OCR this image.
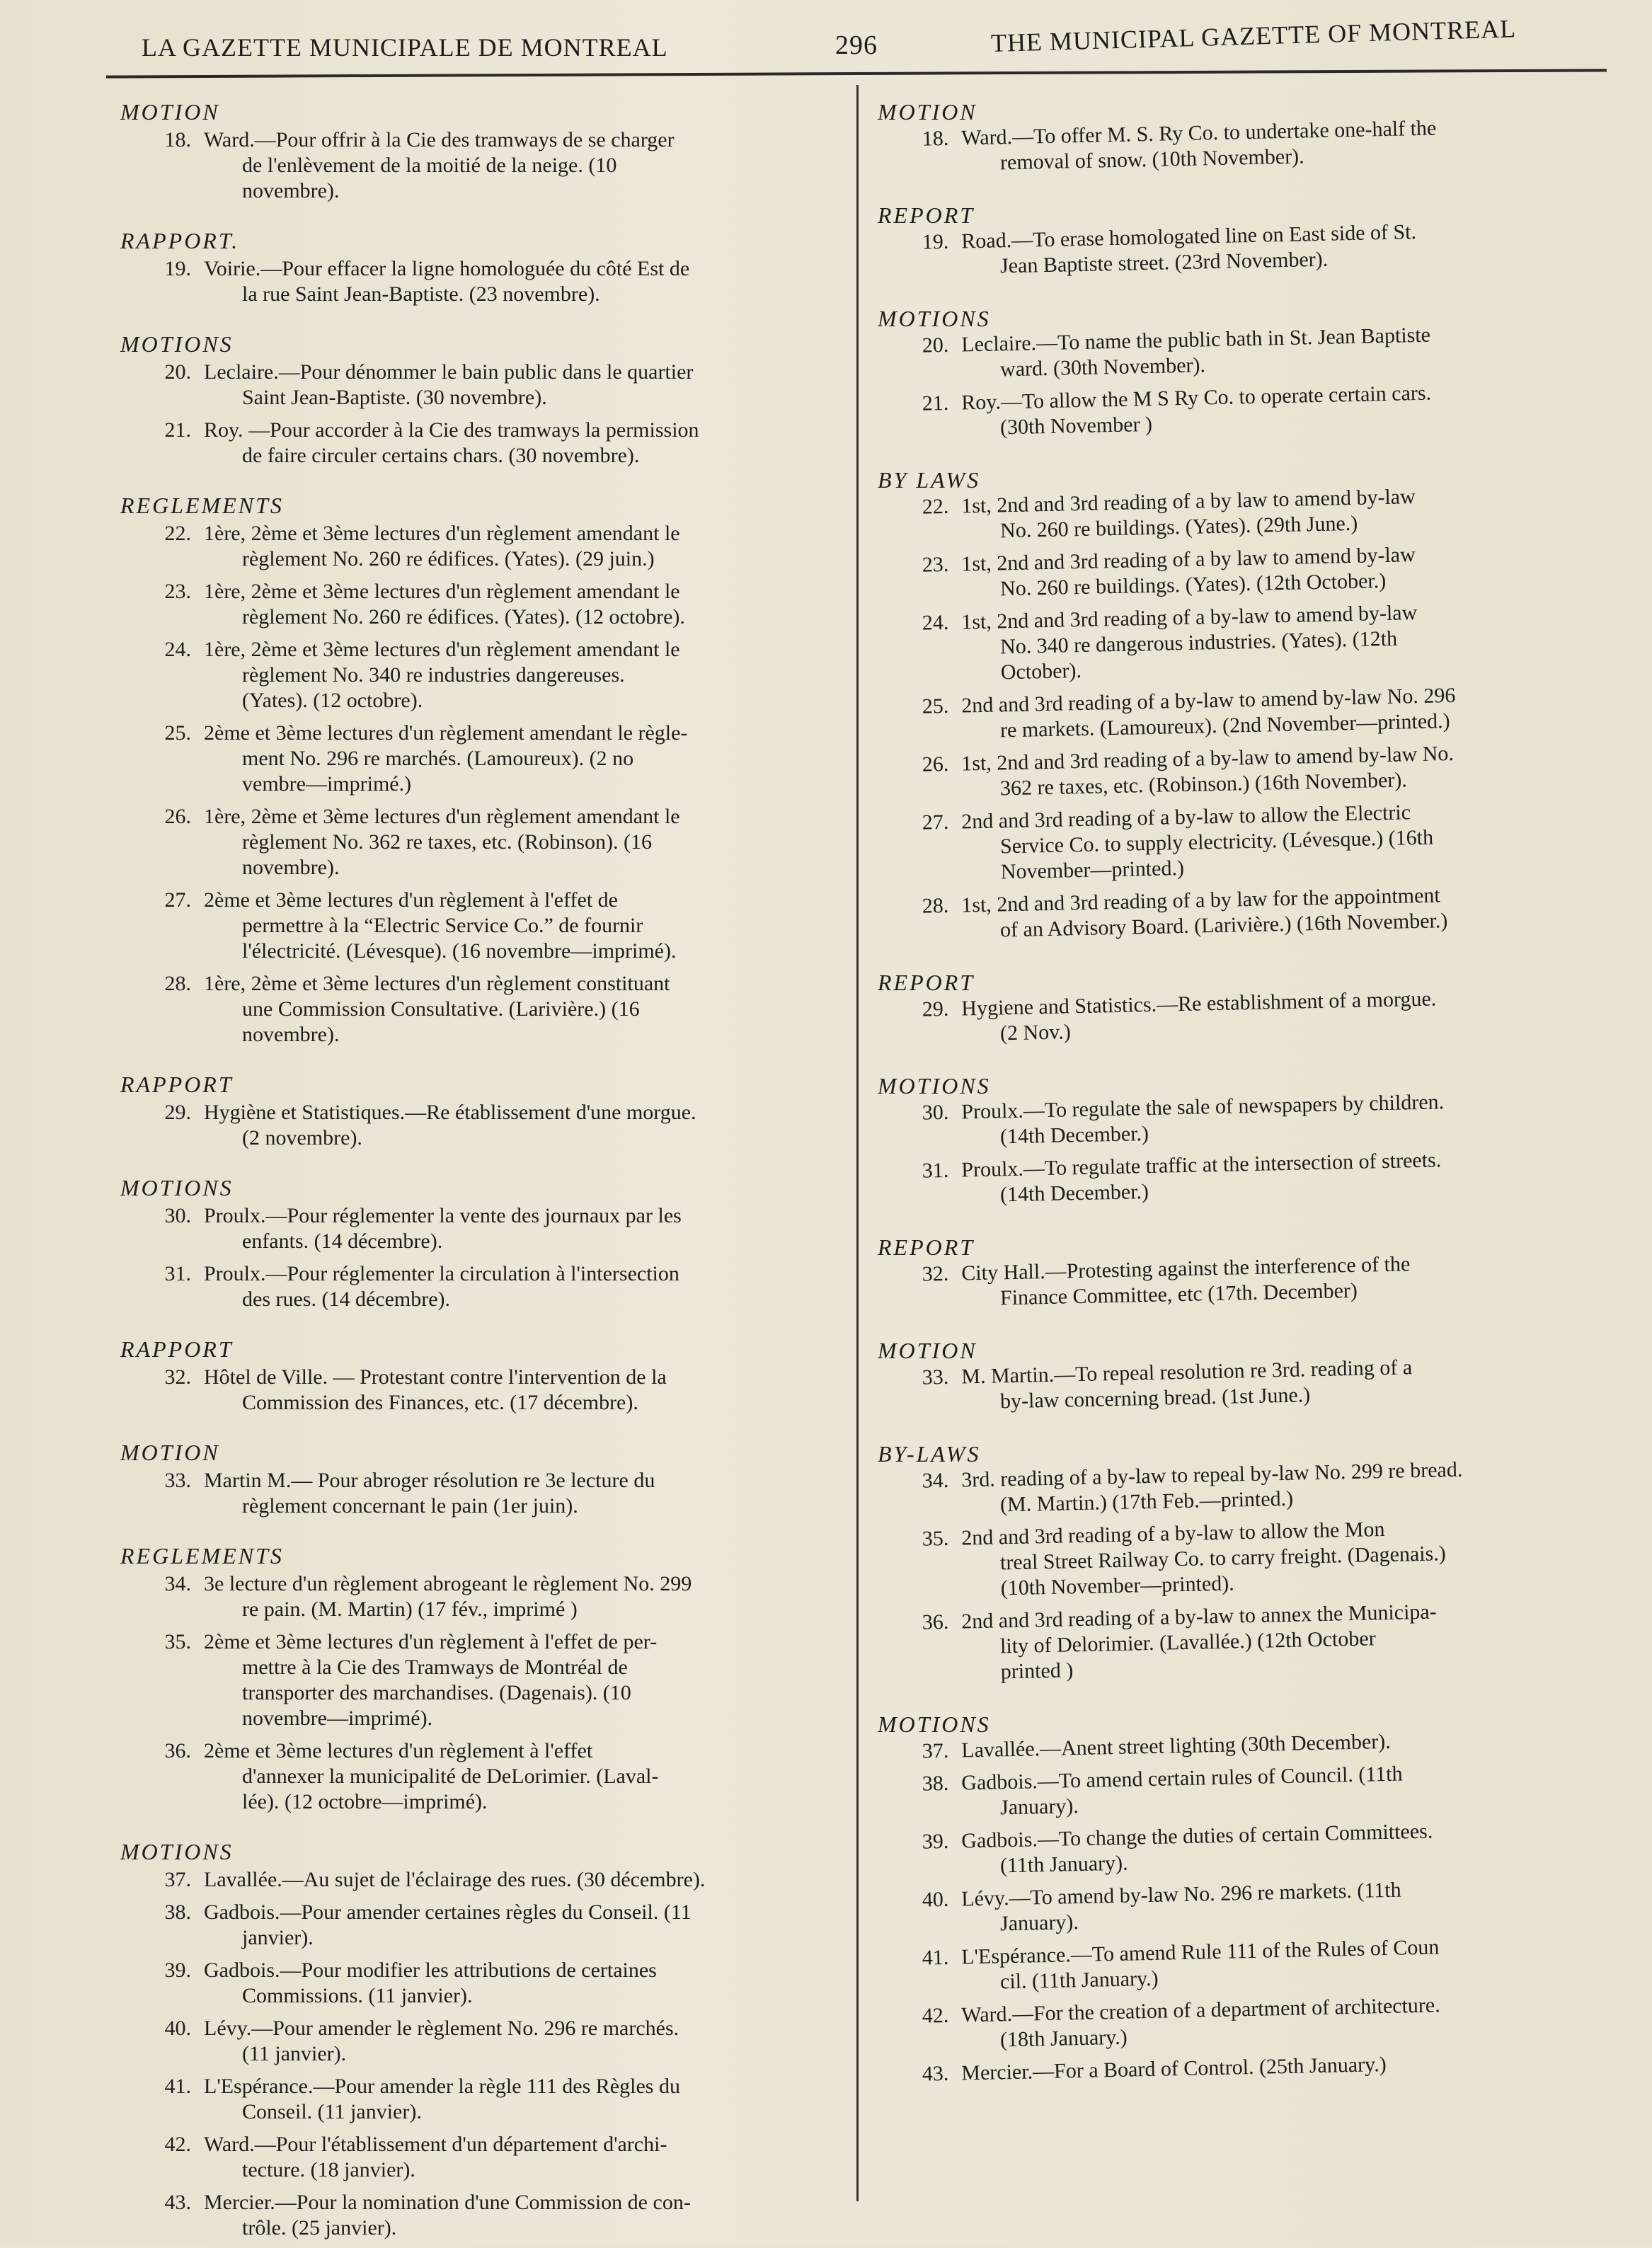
LA GAZETTE MUNICIPALE DE MONTREAL	296	THE MUNICIPAL GAZETTE OF MONTREAL
MOTION
18. Ward.—Pour offrir à la Cie des tramways de se charger
de l'enlèvement de la moitié de la neige. (10
novembre).
RAPPORT.
19. Voirie.—Pour effacer la ligne homologuée du côté Est de
la rue Saint Jean-Baptiste. (23 novembre).
MOTIONS
20. Leclaire.—Pour dénommer le bain public dans le quartier
Saint Jean-Baptiste. (30 novembre).
21. Roy. —Pour accorder à la Cie des tramways la permission
de faire circuler certains chars. (30 novembre).
REGLEMENTS
22. 1ère, 2ème et 3ème lectures d'un règlement amendant le
règlement No. 260 re édifices. (Yates). (29 juin.)
23. 1ère, 2ème et 3ème lectures d'un règlement amendant le
règlement No. 260 re édifices. (Yates). (12 octobre).
24. 1ère, 2ème et 3ème lectures d'un règlement amendant le
règlement No. 340 re industries dangereuses.
(Yates). (12 octobre).
25. 2ème et 3ème lectures d'un règlement amendant le règle-
ment No. 296 re marchés. (Lamoureux). (2 no
vembre—imprimé.)
26. 1ère, 2ème et 3ème lectures d'un règlement amendant le
règlement No. 362 re taxes, etc. (Robinson). (16
novembre).
27. 2ème et 3ème lectures d'un règlement à l'effet de
permettre à la “Electric Service Co.” de fournir
l'électricité. (Lévesque). (16 novembre—imprimé).
28. 1ère, 2ème et 3ème lectures d'un règlement constituant
une Commission Consultative. (Larivière.) (16
novembre).
RAPPORT
29. Hygiène et Statistiques.—Re établissement d'une morgue.
(2 novembre).
MOTIONS
30. Proulx.—Pour réglementer la vente des journaux par les
enfants. (14 décembre).
31. Proulx.—Pour réglementer la circulation à l'intersection
des rues. (14 décembre).
RAPPORT
32. Hôtel de Ville. — Protestant contre l'intervention de la
Commission des Finances, etc. (17 décembre).
MOTION
33. Martin M.— Pour abroger résolution re 3e lecture du
règlement concernant le pain (1er juin).
REGLEMENTS
34. 3e lecture d'un règlement abrogeant le règlement No. 299
re pain. (M. Martin) (17 fév., imprimé )
35. 2ème et 3ème lectures d'un règlement à l'effet de per-
mettre à la Cie des Tramways de Montréal de
transporter des marchandises. (Dagenais). (10
novembre—imprimé).
36. 2ème et 3ème lectures d'un règlement à l'effet
d'annexer la municipalité de DeLorimier. (Laval-
lée). (12 octobre—imprimé).
MOTIONS
37. Lavallée.—Au sujet de l'éclairage des rues. (30 décembre).
38. Gadbois.—Pour amender certaines règles du Conseil. (11
janvier).
39. Gadbois.—Pour modifier les attributions de certaines
Commissions. (11 janvier).
40. Lévy.—Pour amender le règlement No. 296 re marchés.
(11 janvier).
41. L'Espérance.—Pour amender la règle 111 des Règles du
Conseil. (11 janvier).
42. Ward.—Pour l'établissement d'un département d'archi-
tecture. (18 janvier).
43. Mercier.—Pour la nomination d'une Commission de con-
trôle. (25 janvier).
MOTION
18. Ward.—To offer M. S. Ry Co. to undertake one-half the
removal of snow. (10th November).
REPORT
19. Road.—To erase homologated line on East side of St.
Jean Baptiste street. (23rd November).
MOTIONS
20. Leclaire.—To name the public bath in St. Jean Baptiste
ward. (30th November).
21. Roy.—To allow the M S Ry Co. to operate certain cars.
(30th November )
BY LAWS
22. 1st, 2nd and 3rd reading of a by law to amend by-law
No. 260 re buildings. (Yates). (29th June.)
23. 1st, 2nd and 3rd reading of a by law to amend by-law
No. 260 re buildings. (Yates). (12th October.)
24. 1st, 2nd and 3rd reading of a by-law to amend by-law
No. 340 re dangerous industries. (Yates). (12th
October).
25. 2nd and 3rd reading of a by-law to amend by-law No. 296
re markets. (Lamoureux). (2nd November—printed.)
26. 1st, 2nd and 3rd reading of a by-law to amend by-law No.
362 re taxes, etc. (Robinson.) (16th November).
27. 2nd and 3rd reading of a by-law to allow the Electric
Service Co. to supply electricity. (Lévesque.) (16th
November—printed.)
28. 1st, 2nd and 3rd reading of a by law for the appointment
of an Advisory Board. (Larivière.) (16th November.)
REPORT
29. Hygiene and Statistics.—Re establishment of a morgue.
(2 Nov.)
MOTIONS
30. Proulx.—To regulate the sale of newspapers by children.
(14th December.)
31. Proulx.—To regulate traffic at the intersection of streets.
(14th December.)
REPORT
32. City Hall.—Protesting against the interference of the
Finance Committee, etc (17th. December)
MOTION
33. M. Martin.—To repeal resolution re 3rd. reading of a
by-law concerning bread. (1st June.)
BY-LAWS
34. 3rd. reading of a by-law to repeal by-law No. 299 re bread.
(M. Martin.) (17th Feb.—printed.)
35. 2nd and 3rd reading of a by-law to allow the Mon
treal Street Railway Co. to carry freight. (Dagenais.)
(10th November—printed).
36. 2nd and 3rd reading of a by-law to annex the Municipa-
lity of Delorimier. (Lavallée.) (12th October
printed )
MOTIONS
37. Lavallée.—Anent street lighting (30th December).
38. Gadbois.—To amend certain rules of Council. (11th
January).
39. Gadbois.—To change the duties of certain Committees.
(11th January).
40. Lévy.—To amend by-law No. 296 re markets. (11th
January).
41. L'Espérance.—To amend Rule 111 of the Rules of Coun
cil. (11th January.)
42. Ward.—For the creation of a department of architecture.
(18th January.)
43. Mercier.—For a Board of Control. (25th January.)
